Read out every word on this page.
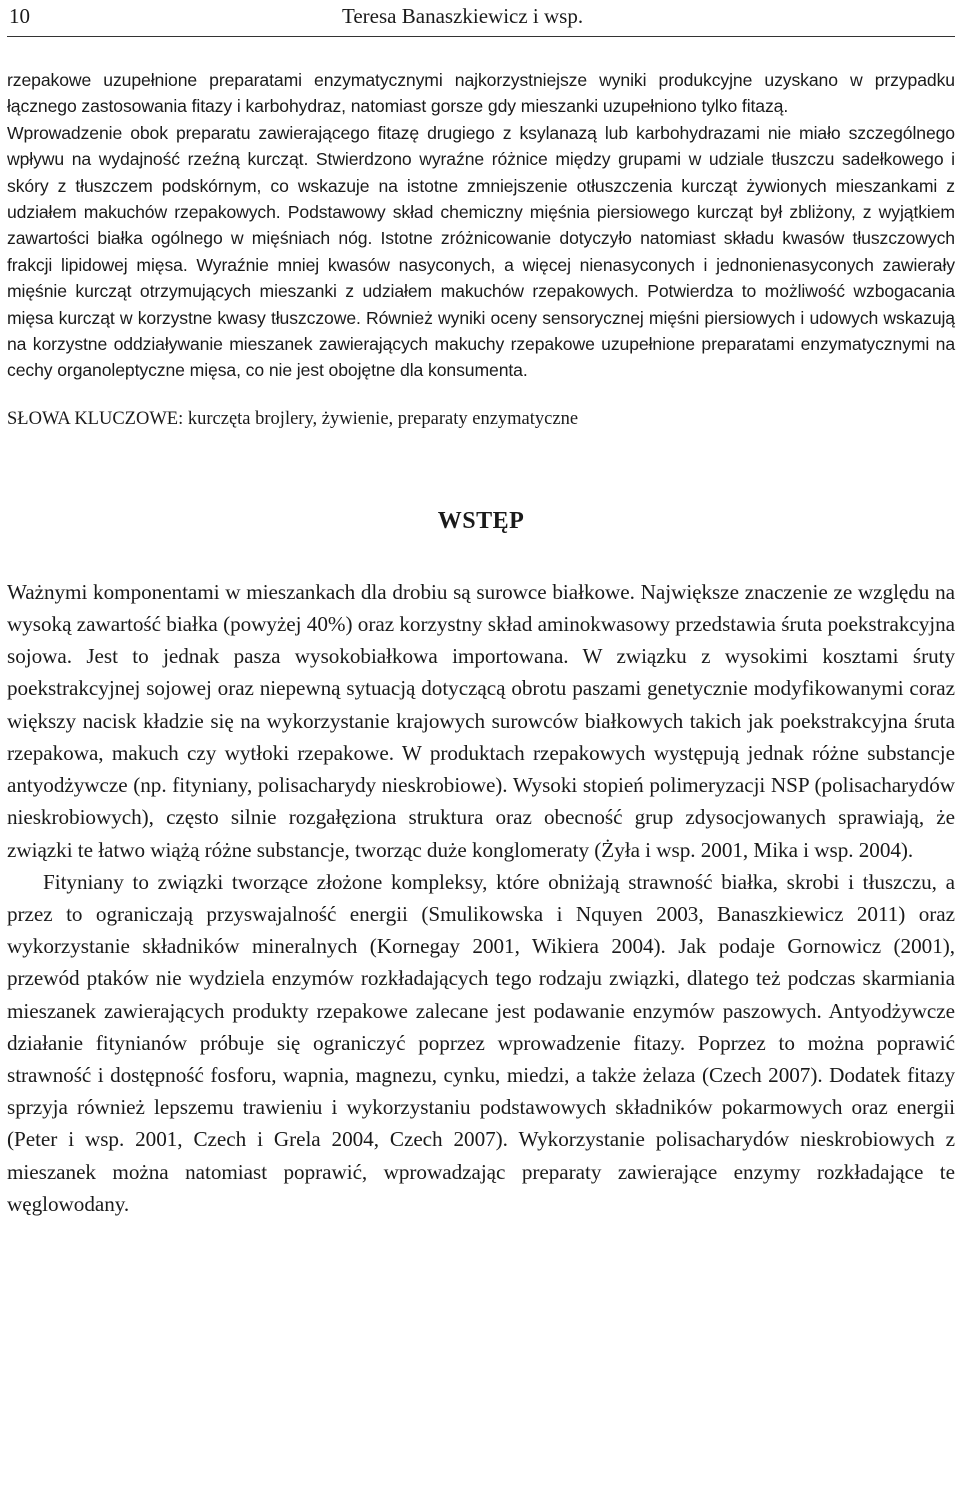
10	Teresa Banaszkiewicz i wsp.

rzepakowe uzupełnione preparatami enzymatycznymi najkorzystniejsze wyniki produkcyjne uzyskano w przypadku łącznego zastosowania fitazy i karbohydraz, natomiast gorsze gdy mieszanki uzupełniono tylko fitazą.

Wprowadzenie obok preparatu zawierającego fitazę drugiego z ksylanazą lub karbohydrazami nie miało szczególnego wpływu na wydajność rzeźną kurcząt. Stwierdzono wyraźne różnice między grupami w udziale tłuszczu sadełkowego i skóry z tłuszczem podskórnym, co wskazuje na istotne zmniejszenie otłuszczenia kurcząt żywionych mieszankami z udziałem makuchów rzepakowych. Podstawowy skład chemiczny mięśnia piersiowego kurcząt był zbliżony, z wyjątkiem zawartości białka ogólnego w mięśniach nóg. Istotne zróżnicowanie dotyczyło natomiast składu kwasów tłuszczowych frakcji lipidowej mięsa. Wyraźnie mniej kwasów nasyconych, a więcej nienasyconych i jednonienasyconych zawierały mięśnie kurcząt otrzymujących mieszanki z udziałem makuchów rzepakowych. Potwierdza to możliwość wzbogacania mięsa kurcząt w korzystne kwasy tłuszczowe. Również wyniki oceny sensorycznej mięśni piersiowych i udowych wskazują na korzystne oddziaływanie mieszanek zawierających makuchy rzepakowe uzupełnione preparatami enzymatycznymi na cechy organoleptyczne mięsa, co nie jest obojętne dla konsumenta.

SŁOWA KLUCZOWE: kurczęta brojlery, żywienie, preparaty enzymatyczne
WSTĘP

Ważnymi komponentami w mieszankach dla drobiu są surowce białkowe. Największe znaczenie ze względu na wysoką zawartość białka (powyżej 40%) oraz korzystny skład aminokwasowy przedstawia śruta poekstrakcyjna sojowa. Jest to jednak pasza wysokobiałkowa importowana. W związku z wysokimi kosztami śruty poekstrakcyjnej sojowej oraz niepewną sytuacją dotyczącą obrotu paszami genetycznie modyfikowanymi coraz większy nacisk kładzie się na wykorzystanie krajowych surowców białkowych takich jak poekstrakcyjna śruta rzepakowa, makuch czy wytłoki rzepakowe. W produktach rzepakowych występują jednak różne substancje antyodżywcze (np. fityniany, polisacharydy nieskrobiowe). Wysoki stopień polimeryzacji NSP (polisacharydów nieskrobiowych), często silnie rozgałęziona struktura oraz obecność grup zdysocjowanych sprawiają, że związki te łatwo wiążą różne substancje, tworząc duże konglomeraty (Żyła i wsp. 2001, Mika i wsp. 2004).

Fityniany to związki tworzące złożone kompleksy, które obniżają strawność białka, skrobi i tłuszczu, a przez to ograniczają przyswajalność energii (Smulikowska i Nquyen 2003, Banaszkiewicz 2011) oraz wykorzystanie składników mineralnych (Kornegay 2001, Wikiera 2004). Jak podaje Gornowicz (2001), przewód ptaków nie wydziela enzymów rozkładających tego rodzaju związki, dlatego też podczas skarmiania mieszanek zawierających produkty rzepakowe zalecane jest podawanie enzymów paszowych. Antyodżywcze działanie fitynianów próbuje się ograniczyć poprzez wprowadzenie fitazy. Poprzez to można poprawić strawność i dostępność fosforu, wapnia, magnezu, cynku, miedzi, a także żelaza (Czech 2007). Dodatek fitazy sprzyja również lepszemu trawieniu i wykorzystaniu podstawowych składników pokarmowych oraz energii (Peter i wsp. 2001, Czech i Grela 2004, Czech 2007). Wykorzystanie polisacharydów nieskrobiowych z mieszanek można natomiast poprawić, wprowadzając preparaty zawierające enzymy rozkładające te węglowodany.
